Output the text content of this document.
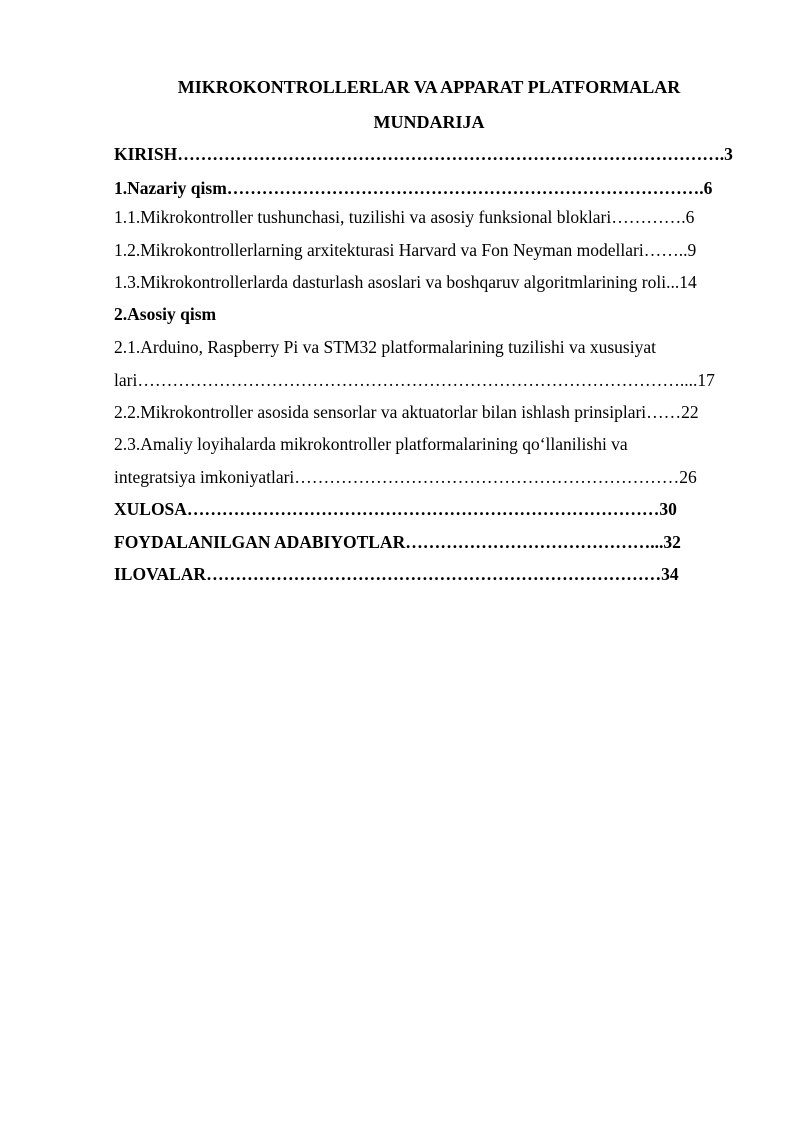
MIKROKONTROLLERLAR VA APPARAT PLATFORMALAR
MUNDARIJA
KIRISH………………………………………………………………………………….3
1.Nazariy qism……………………………………………………………………….6
1.1.Mikrokontroller tushunchasi, tuzilishi va asosiy funksional bloklari………….6
1.2.Mikrokontrollerlarning arxitekturasi Harvard va Fon Neyman modellari……..9
1.3.Mikrokontrollerlarda dasturlash asoslari va boshqaruv algoritmlarining roli...14
2.Asosiy qism
2.1.Arduino, Raspberry Pi va STM32 platformalarining tuzilishi va xususiyat
lari…………………………………………………………………………………....17
2.2.Mikrokontroller asosida sensorlar va aktuatorlar bilan ishlash prinsiplari……22
2.3.Amaliy loyihalarda mikrokontroller platformalarining qo‘llanilishi va
integratsiya imkoniyatlari…………………………………………………………26
XULOSA………………………………………………………………………30
FOYDALANILGAN ADABIYOTLAR……………………………………...32
ILOVALAR……………………………………………………………………34
